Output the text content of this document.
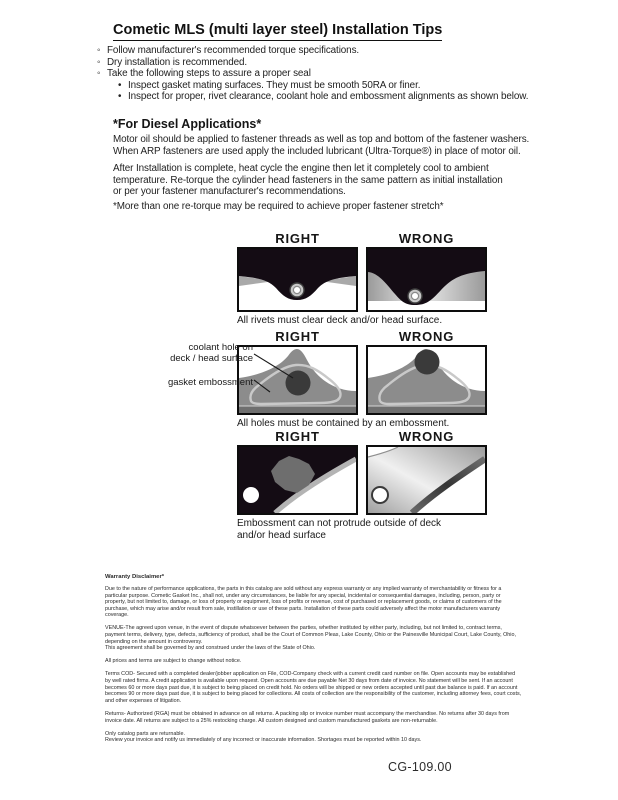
Cometic MLS (multi layer steel) Installation Tips
◦ Follow manufacturer's recommended torque specifications.
◦ Dry installation is recommended.
◦ Take the following steps to assure a proper seal
• Inspect gasket mating surfaces. They must be smooth 50RA or finer.
• Inspect for proper, rivet clearance, coolant hole and embossment alignments as shown below.
*For Diesel Applications*
Motor oil should be applied to fastener threads as well as top and bottom of the fastener washers.
When ARP fasteners are used apply the included lubricant (Ultra-Torque®) in place of motor oil.
After Installation is complete, heat cycle the engine then let it completely cool to ambient
temperature. Re-torque the cylinder head fasteners in the same pattern as initial installation
or per your fastener manufacturer's recommendations.
*More than one re-torque may be required to achieve proper fastener stretch*
RIGHT	WRONG
All rivets must clear deck and/or head surface.
RIGHT	WRONG
All holes must be contained by an embossment.
coolant hole on
deck / head surface
gasket embossment
RIGHT	WRONG
Embossment can not protrude outside of deck
and/or head surface
Warranty Disclaimer*
Due to the nature of performance applications, the parts in this catalog are sold without any express warranty or any implied warranty of merchantability or fitness for a particular purpose. Cometic Gasket Inc., shall not, under any circumstances, be liable for any special, incidental or consequential damages, including, person, party or property, but not limited to, damage, or loss of property or equipment, loss of profits or revenue, cost of purchased or replacement goods, or claims of customers of the purchase, which may arise and/or result from sale, instillation or use of these parts. Installation of these parts could adversely affect the motor manufacturers warranty coverage.
VENUE-The agreed upon venue, in the event of dispute whatsoever between the parties, whether instituted by either party, including, but not limited to, contract terms, payment terms, delivery, type, defects, sufficiency of product, shall be the Court of Common Pleas, Lake County, Ohio or the Painesville Municipal Court, Lake County, Ohio, depending on the amount in controversy.
This agreement shall be governed by and construed under the laws of the State of Ohio.
All prices and terms are subject to change without notice.
Terms COD- Secured with a completed dealer/jobber application on File, COD-Company check with a current credit card number on file. Open accounts may be established by well rated firms. A credit application is available upon request. Open accounts are due payable Net 30 days from date of invoice. No statement will be sent. If an account becomes 60 or more days past due, it is subject to being placed on credit hold. No orders will be shipped or new orders accepted until past due balance is paid. If an account becomes 90 or more days past due, it is subject to being placed for collections. All costs of collection are the responsibility of the customer, including attorney fees, court costs, and other expenses of litigation.
Returns- Authorized (RGA) must be obtained in advance on all returns. A packing slip or invoice number must accompany the merchandise. No returns after 30 days from invoice date. All returns are subject to a 25% restocking charge. All custom designed and custom manufactured gaskets are non-returnable.
Only catalog parts are returnable.
Review your invoice and notify us immediately of any incorrect or inaccurate information. Shortages must be reported within 10 days.
CG-109.00
